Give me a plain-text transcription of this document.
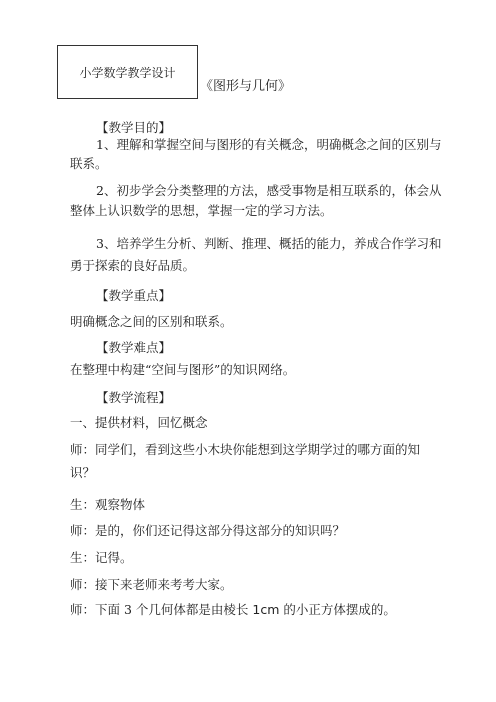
小学数学教学设计
《图形与几何》
【教学目的】
1、理解和掌握空间与图形的有关概念，明确概念之间的区别与
联系。
2、初步学会分类整理的方法，感受事物是相互联系的，体会从
整体上认识数学的思想，掌握一定的学习方法。
3、培养学生分析、判断、推理、概括的能力，养成合作学习和
勇于探索的良好品质。
【教学重点】
明确概念之间的区别和联系。
【教学难点】
在整理中构建“空间与图形”的知识网络。
【教学流程】
一、提供材料，回忆概念
师：同学们，看到这些小木块你能想到这学期学过的哪方面的知
识？
生：观察物体
师：是的，你们还记得这部分得这部分的知识吗？
生：记得。
师：接下来老师来考考大家。
师：下面 3 个几何体都是由棱长 1cm 的小正方体摆成的。
